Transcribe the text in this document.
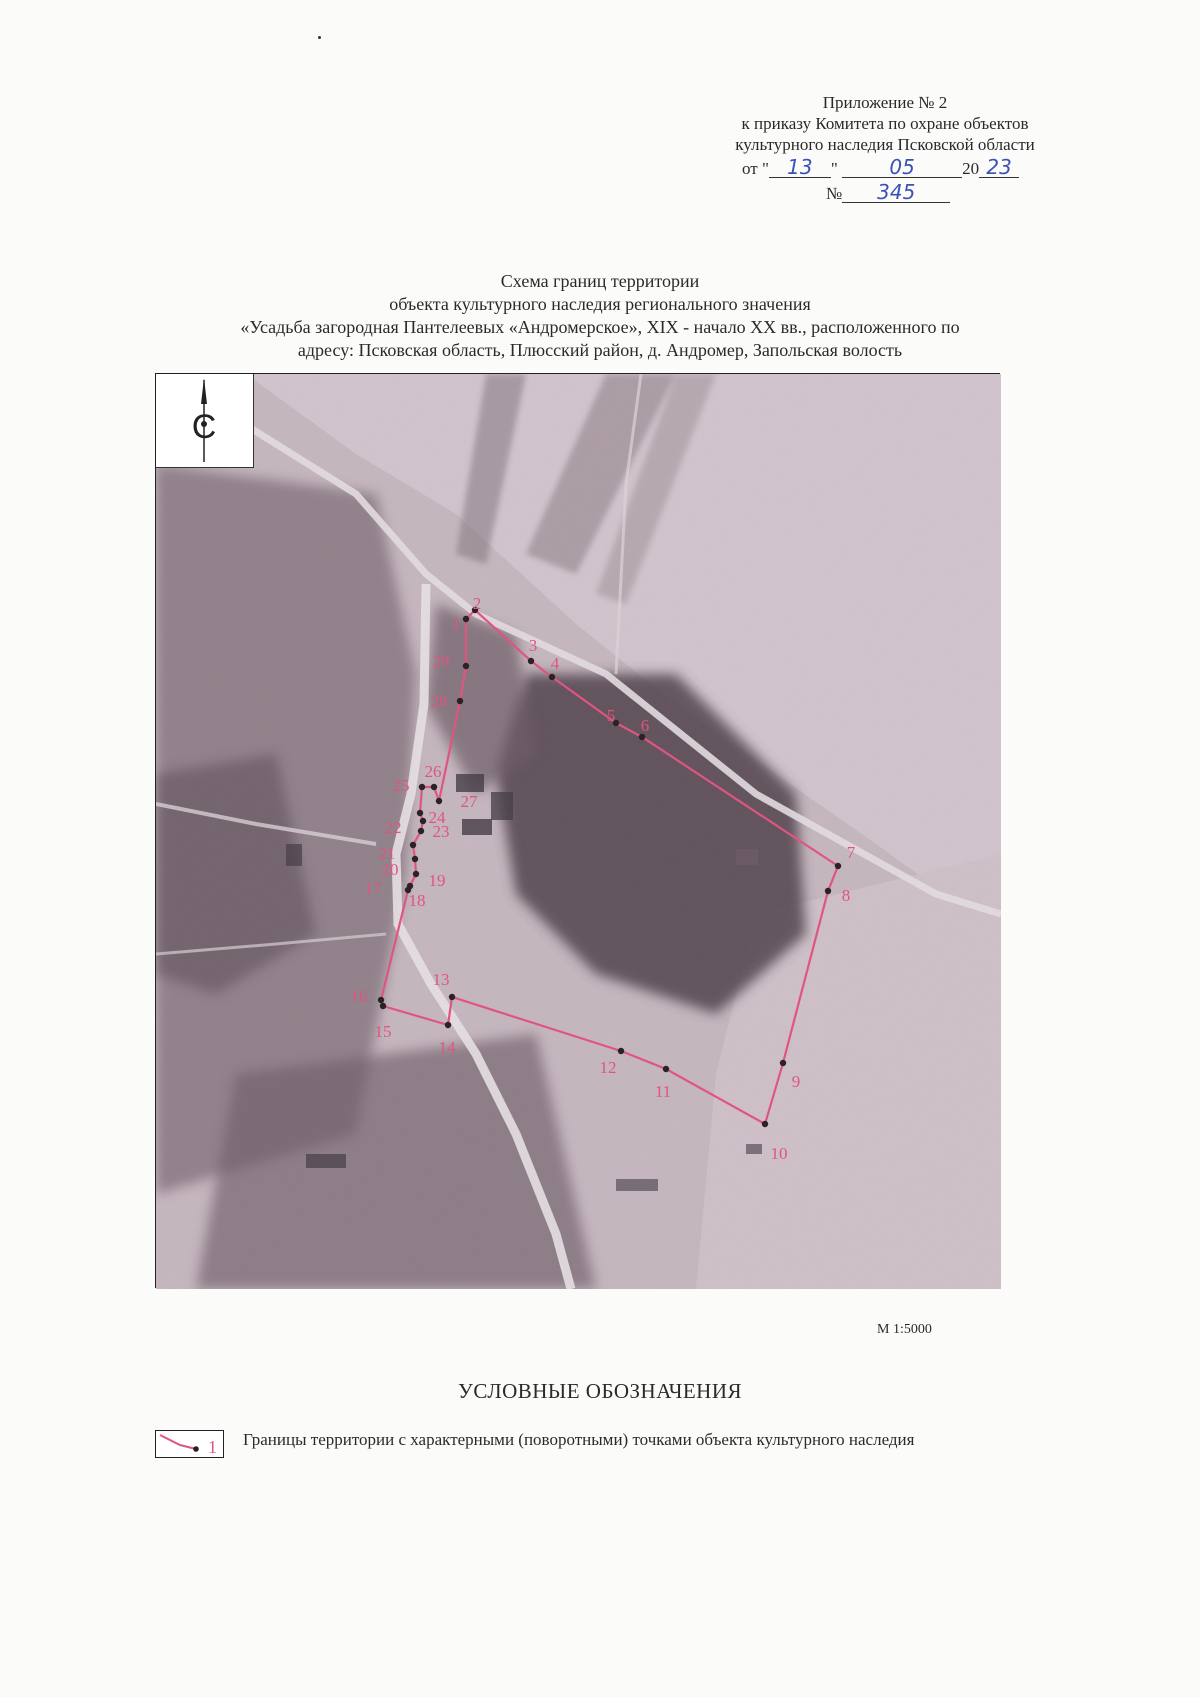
Приложение № 2
к приказу Комитета по охране объектов
культурного наследия Псковской области
от " 13 "	05	20 23
№ 345
Схема границ территории
объекта культурного наследия регионального значения
«Усадьба загородная Пантелеевых «Андромерское», XIX - начало XX вв., расположенного по
адресу: Псковская область, Плюсский район, д. Андромер, Запольская волость
1
2
3
4
5
6
7
8
9
10
11
12
13
14
15
16
17
18
19
20
21
22 23
24
25
26
27
28
29
С
М 1:5000
УСЛОВНЫЕ ОБОЗНАЧЕНИЯ
1 Границы территории с характерными (поворотными) точками объекта культурного наследия
